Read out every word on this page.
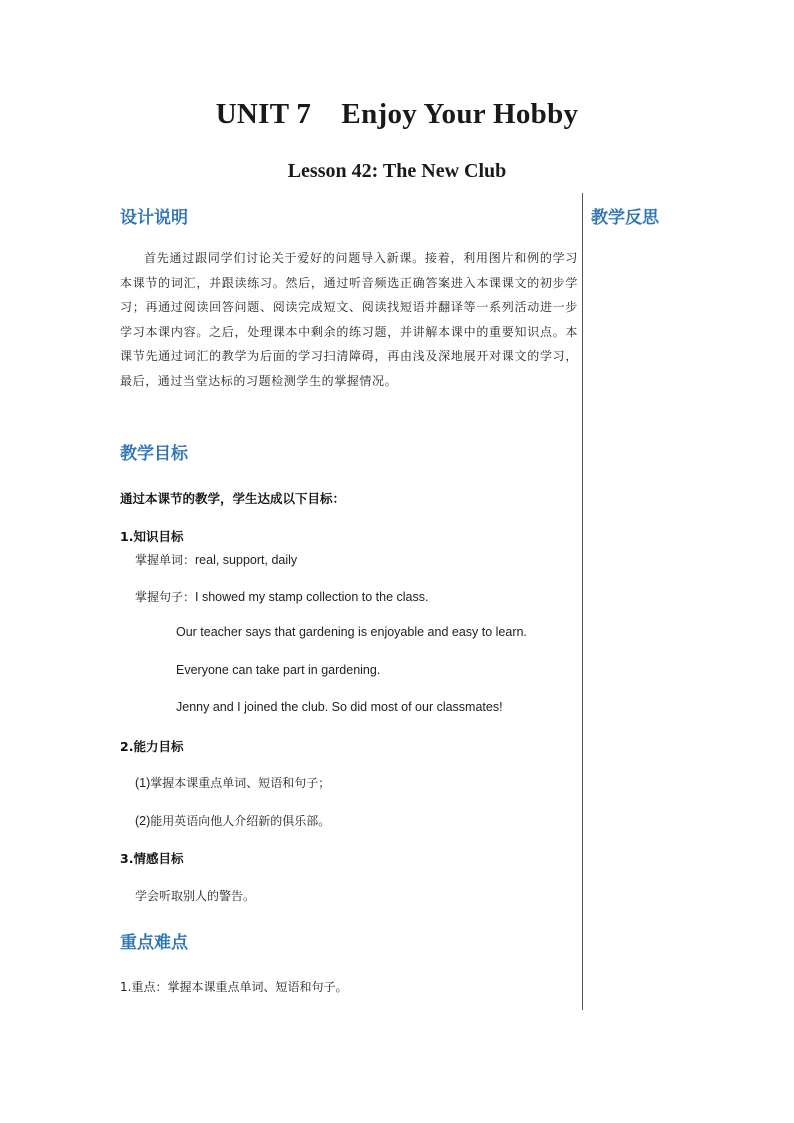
UNIT 7    Enjoy Your Hobby
Lesson 42: The New Club
设计说明	教学反思
首先通过跟同学们讨论关于爱好的问题导入新课。接着，利用图片和例的学习本课节的词汇，并跟读练习。然后，通过听音频选正确答案进入本课课文的初步学习；再通过阅读回答问题、阅读完成短文、阅读找短语并翻译等一系列活动进一步学习本课内容。之后，处理课本中剩余的练习题，并讲解本课中的重要知识点。本课节先通过词汇的教学为后面的学习扫清障碍，再由浅及深地展开对课文的学习，最后，通过当堂达标的习题检测学生的掌握情况。
教学目标
通过本课节的教学，学生达成以下目标：
1.知识目标
掌握单词：real, support, daily
掌握句子：I showed my stamp collection to the class.
Our teacher says that gardening is enjoyable and easy to learn.
Everyone can take part in gardening.
Jenny and I joined the club. So did most of our classmates!
2.能力目标
(1)掌握本课重点单词、短语和句子；
(2)能用英语向他人介绍新的俱乐部。
3.情感目标
学会听取别人的警告。
重点难点
1.重点：掌握本课重点单词、短语和句子。
